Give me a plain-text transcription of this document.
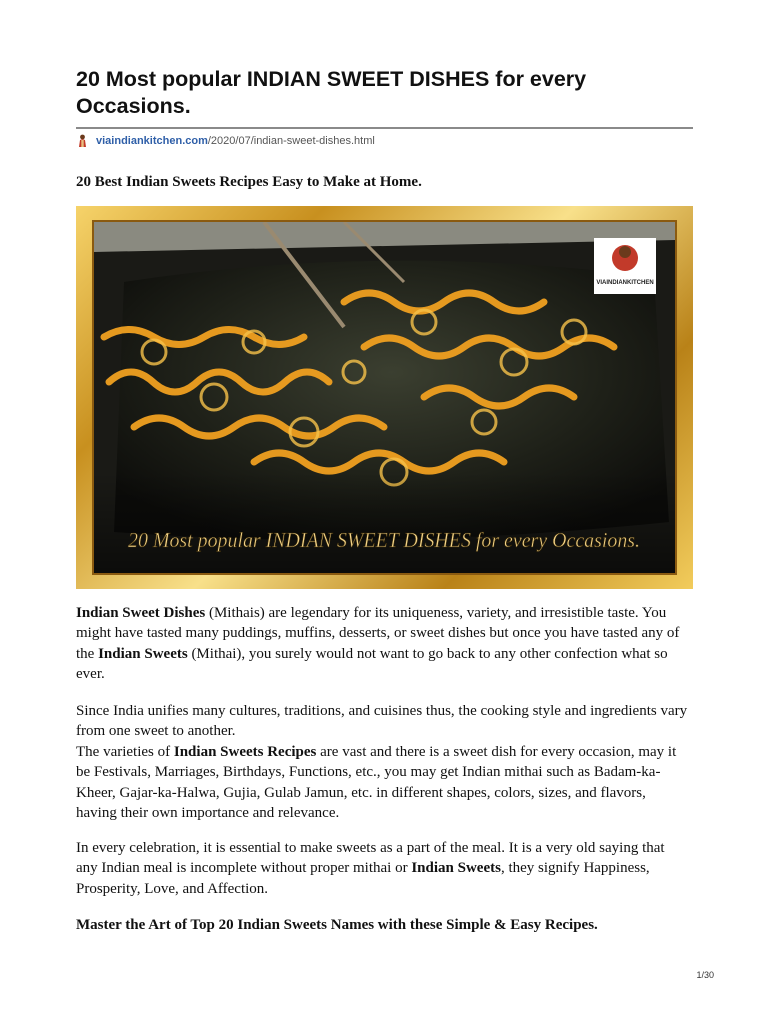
20 Most popular INDIAN SWEET DISHES for every Occasions.
viaindiankitchen.com /2020/07/indian-sweet-dishes.html
20 Best Indian Sweets Recipes Easy to Make at Home.
VIAINDIANKITCHEN
20 Most popular INDIAN SWEET DISHES for every Occasions.

Indian Sweet Dishes (Mithais) are legendary for its uniqueness, variety, and irresistible taste. You might have tasted many puddings, muffins, desserts, or sweet dishes but once you have tasted any of the Indian Sweets (Mithai), you surely would not want to go back to any other confection what so ever.

Since India unifies many cultures, traditions, and cuisines thus, the cooking style and ingredients vary from one sweet to another.
The varieties of Indian Sweets Recipes are vast and there is a sweet dish for every occasion, may it be Festivals, Marriages, Birthdays, Functions, etc., you may get Indian mithai such as Badam-ka-Kheer, Gajar-ka-Halwa, Gujia, Gulab Jamun, etc. in different shapes, colors, sizes, and flavors, having their own importance and relevance.

In every celebration, it is essential to make sweets as a part of the meal. It is a very old saying that any Indian meal is incomplete without proper mithai or Indian Sweets, they signify Happiness, Prosperity, Love, and Affection.

Master the Art of Top 20 Indian Sweets Names with these Simple & Easy Recipes.

1/30
